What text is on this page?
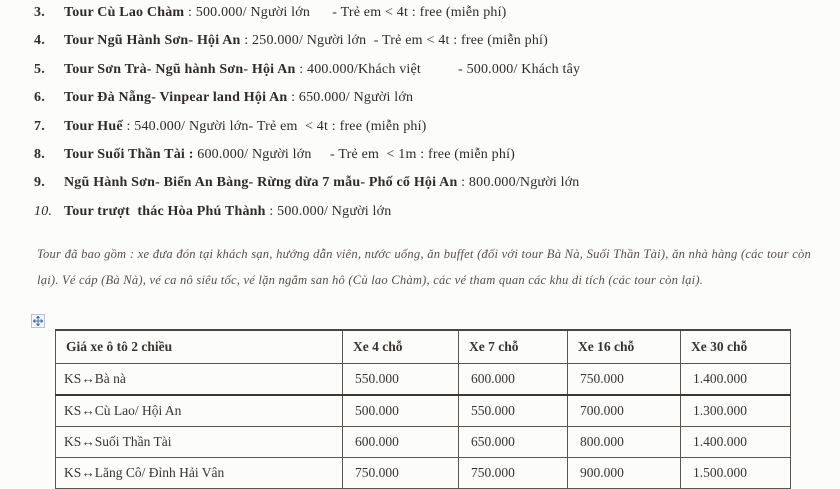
3.	Tour Cù Lao Chàm : 500.000/ Người lớn      - Trẻ em < 4t : free (miễn phí)
4.	Tour Ngũ Hành Sơn- Hội An : 250.000/ Người lớn  - Trẻ em < 4t : free (miễn phí)
5.	Tour Sơn Trà- Ngũ hành Sơn- Hội An : 400.000/Khách việt          - 500.000/ Khách tây
6.	Tour Đà Nẵng- Vinpear land Hội An : 650.000/ Người lớn
7.	Tour Huế : 540.000/ Người lớn- Trẻ em  < 4t : free (miễn phí)
8.	Tour Suối Thần Tài : 600.000/ Người lớn     - Trẻ em  < 1m : free (miễn phí)
9.	Ngũ Hành Sơn- Biển An Bàng- Rừng dừa 7 mẫu- Phố cổ Hội An : 800.000/Người lớn
10. Tour trượt  thác Hòa Phú Thành : 500.000/ Người lớn
Tour đã bao gồm : xe đưa đón tại khách sạn, hướng dẫn viên, nước uống, ăn buffet (đối với tour Bà Nà, Suối Thần Tài), ăn nhà hàng (các tour còn lại). Vé cáp (Bà Nà), vé ca nô siêu tốc, vé lặn ngắm san hô (Cù lao Chàm), các vé tham quan các khu di tích (các tour còn lại).
Giá xe ô tô 2 chiều	Xe 4 chỗ	Xe 7 chỗ	Xe 16 chỗ	Xe 30 chỗ
KS↔Bà nà	550.000	600.000	750.000	1.400.000
KS↔Cù Lao/ Hội An	500.000	550.000	700.000	1.300.000
KS↔Suối Thần Tài	600.000	650.000	800.000	1.400.000
KS↔Lăng Cô/ Đỉnh Hải Vân	750.000	750.000	900.000	1.500.000
